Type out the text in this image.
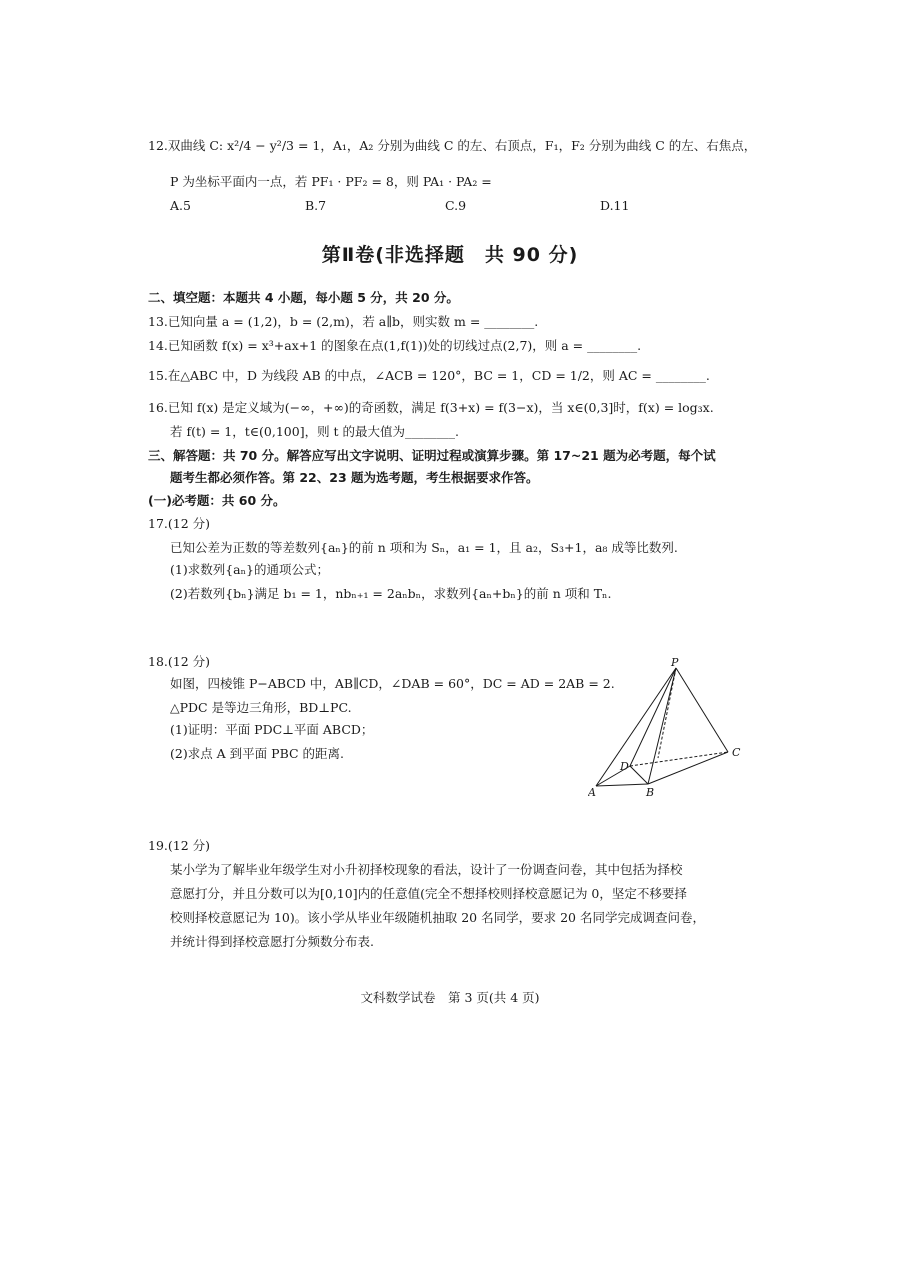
12.双曲线 C: x²/4 − y²/3 = 1，A₁，A₂ 分别为曲线 C 的左、右顶点，F₁，F₂ 分别为曲线 C 的左、右焦点，
P 为坐标平面内一点，若 PF₁ · PF₂ = 8，则 PA₁ · PA₂ =
A.5	B.7	C.9	D.11
第Ⅱ卷(非选择题　共 90 分)
二、填空题：本题共 4 小题，每小题 5 分，共 20 分。
13.已知向量 a = (1,2)，b = (2,m)，若 a∥b，则实数 m = ________.
14.已知函数 f(x) = x³+ax+1 的图象在点(1,f(1))处的切线过点(2,7)，则 a = ________.
15.在△ABC 中，D 为线段 AB 的中点，∠ACB = 120°，BC = 1，CD = 1/2，则 AC = ________.
16.已知 f(x) 是定义域为(−∞，+∞)的奇函数，满足 f(3+x) = f(3−x)，当 x∈(0,3]时，f(x) = log₃x.
若 f(t) = 1，t∈(0,100]，则 t 的最大值为________.
三、解答题：共 70 分。解答应写出文字说明、证明过程或演算步骤。第 17~21 题为必考题，每个试
题考生都必须作答。第 22、23 题为选考题，考生根据要求作答。
(一)必考题：共 60 分。
17.(12 分)
已知公差为正数的等差数列{aₙ}的前 n 项和为 Sₙ，a₁ = 1，且 a₂，S₃+1，a₈ 成等比数列.
(1)求数列{aₙ}的通项公式；
(2)若数列{bₙ}满足 b₁ = 1，nbₙ₊₁ = 2aₙbₙ，求数列{aₙ+bₙ}的前 n 项和 Tₙ.
18.(12 分)
如图，四棱锥 P−ABCD 中，AB∥CD，∠DAB = 60°，DC = AD = 2AB = 2.
△PDC 是等边三角形，BD⊥PC.
(1)证明：平面 PDC⊥平面 ABCD；
(2)求点 A 到平面 PBC 的距离.
P
A	B
C
D
19.(12 分)
某小学为了解毕业年级学生对小升初择校现象的看法，设计了一份调查问卷，其中包括为择校
意愿打分，并且分数可以为[0,10]内的任意值(完全不想择校则择校意愿记为 0，坚定不移要择
校则择校意愿记为 10)。该小学从毕业年级随机抽取 20 名同学，要求 20 名同学完成调查问卷，
并统计得到择校意愿打分频数分布表.
文科数学试卷　第 3 页(共 4 页)
